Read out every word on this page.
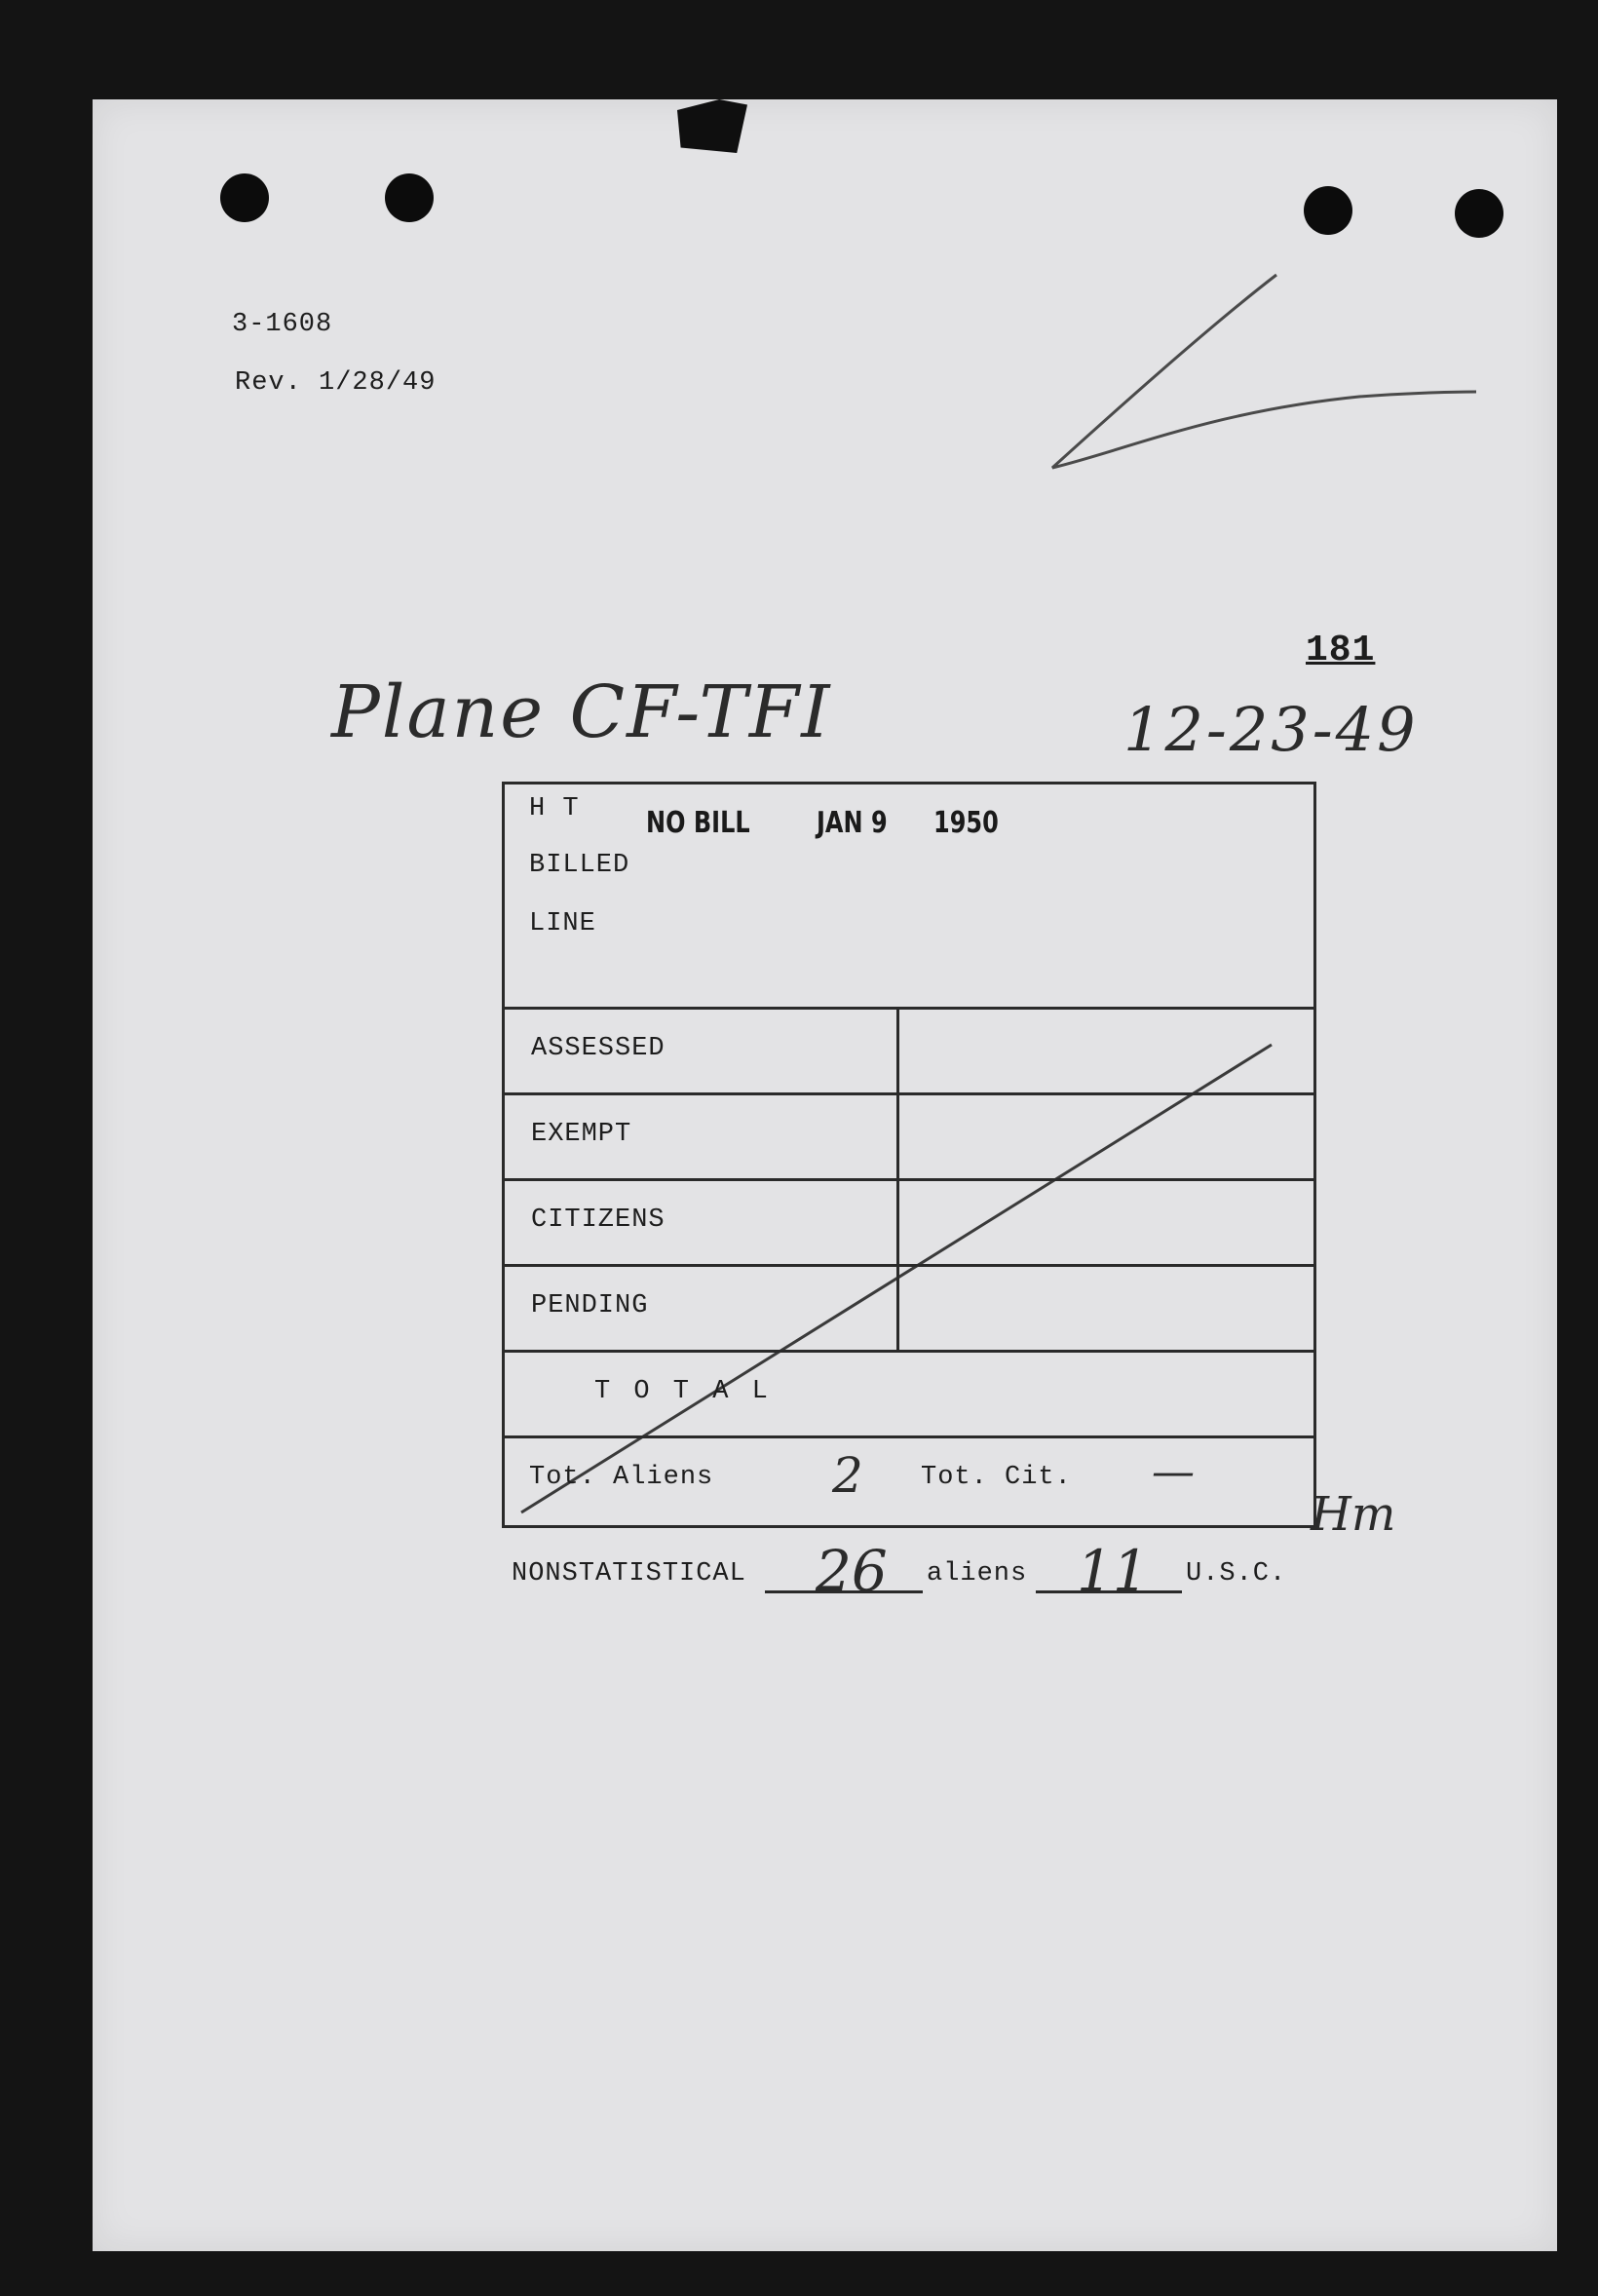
3-1608
Rev. 1/28/49
181
Plane CF-TFI	12-23-49
H T NO BILL JAN 9 1950
BILLED
LINE
ASSESSED
EXEMPT
CITIZENS
PENDING
T O T A L
Tot. Aliens 2 Tot. Cit. —
Hm
NONSTATISTICAL 26 aliens 11 U.S.C.
